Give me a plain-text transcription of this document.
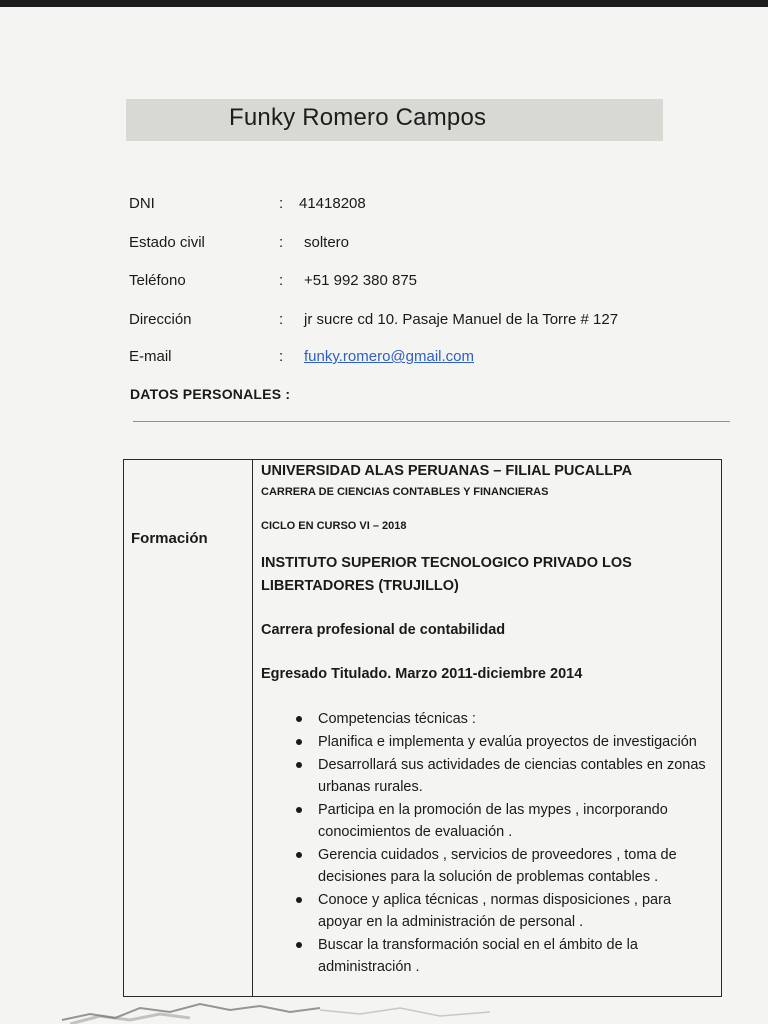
Funky Romero Campos
DNI	: 41418208
Estado civil	: soltero
Teléfono	: +51 992 380 875
Dirección	: jr sucre cd 10. Pasaje Manuel de la Torre # 127
E-mail	: funky.romero@gmail.com
DATOS PERSONALES :
Formación
UNIVERSIDAD ALAS PERUANAS – FILIAL PUCALLPA
CARRERA DE CIENCIAS CONTABLES Y FINANCIERAS
CICLO EN CURSO VI – 2018
INSTITUTO SUPERIOR TECNOLOGICO PRIVADO LOS
LIBERTADORES (TRUJILLO)
Carrera profesional de contabilidad
Egresado Titulado. Marzo 2011-diciembre 2014
Competencias técnicas :
Planifica e implementa y evalúa proyectos de investigación
Desarrollará sus actividades de ciencias contables en zonas urbanas rurales.
Participa en la promoción de las mypes , incorporando conocimientos de evaluación .
Gerencia cuidados , servicios de proveedores , toma de decisiones para la solución de problemas contables .
Conoce y aplica técnicas , normas disposiciones , para apoyar en la administración de personal .
Buscar la transformación social en el ámbito de la administración .
